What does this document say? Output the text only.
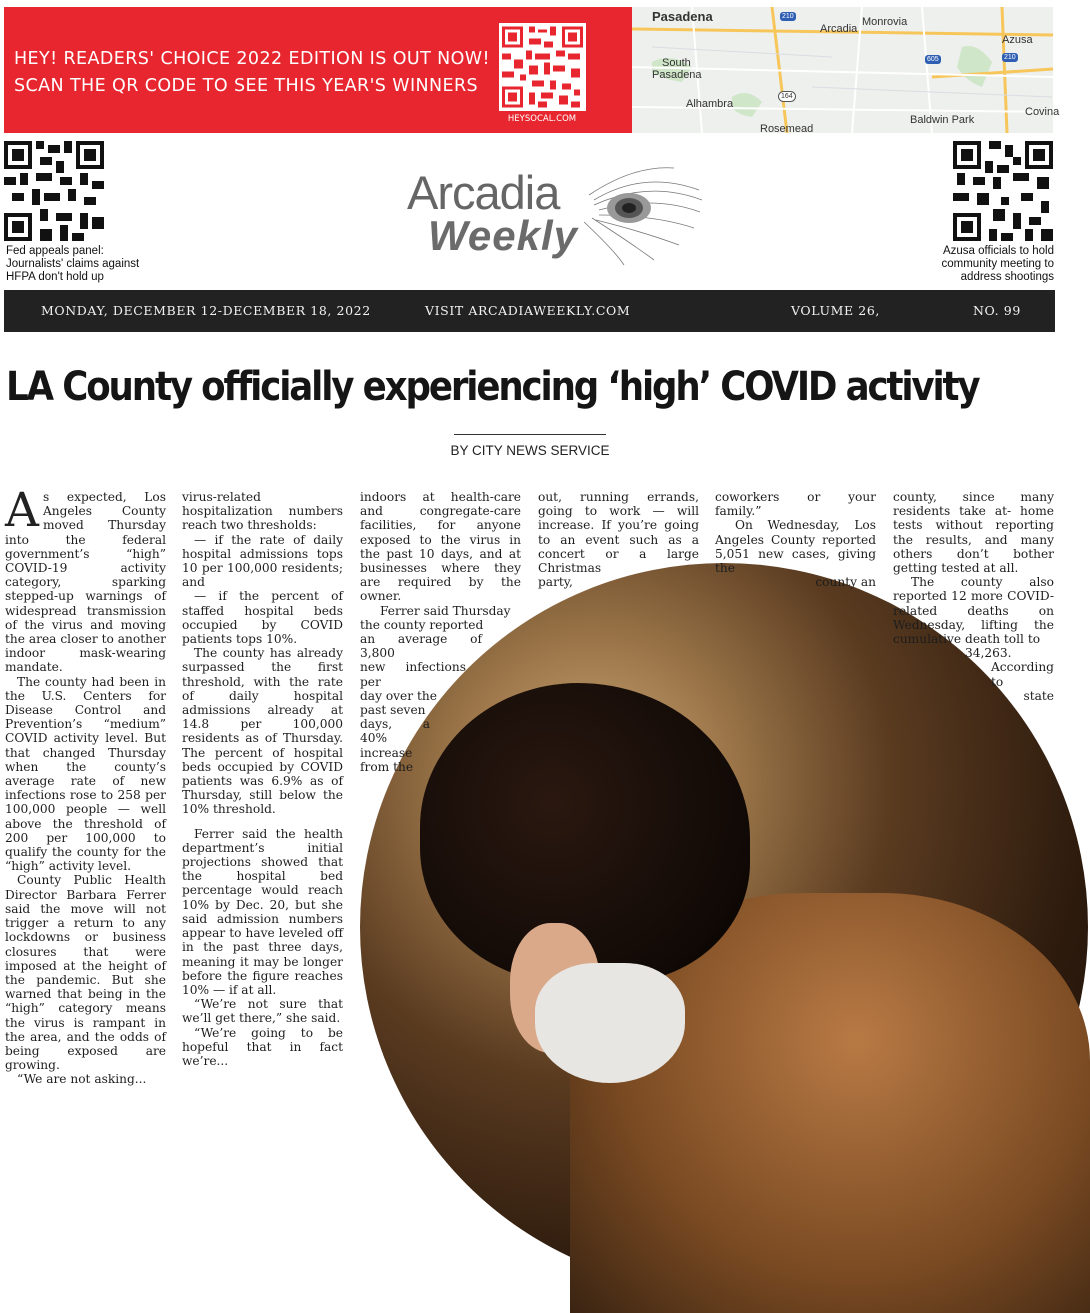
HEY! READERS' CHOICE 2022 EDITION IS OUT NOW!
SCAN THE QR CODE TO SEE THIS YEAR'S WINNERS
HEYSOCAL.COM
Pasadena	Monrovia
Arcadia
Azusa
South
Pasadena
Alhambra
Rosemead
Baldwin Park
Covina
210
605	210
164
Fed appeals panel: Journalists' claims against HFPA don't hold up
Arcadia
Weekly	Azusa officials to hold community meeting to address shootings
MONDAY, DECEMBER 12-DECEMBER 18, 2022	VISIT ARCADIAWEEKLY.COM	VOLUME 26,	NO. 99
LA County officially experiencing ‘high’ COVID activity
BY CITY NEWS SERVICE

As expected, Los Angeles County moved Thursday into the federal government’s “high” COVID-19 activity category, sparking stepped-up warnings of widespread transmission of the virus and moving the area closer to another indoor mask-wearing mandate.

The county had been in the U.S. Centers for Disease Control and Prevention’s “medium” COVID activity level. But that changed Thursday when the county’s average rate of new infections rose to 258 per 100,000 people — well above the threshold of 200 per 100,000 to qualify the county for the “high” activity level.

County Public Health Director Barbara Ferrer said the move will not trigger a return to any lockdowns or business closures that were imposed at the height of the pandemic. But she warned that being in the “high” category means the virus is rampant in the area, and the odds of being exposed are growing.

“We are not asking...

virus-related hospitalization numbers reach two thresholds:

— if the rate of daily hospital admissions tops 10 per 100,000 residents; and

— if the percent of staffed hospital beds occupied by COVID patients tops 10%.

The county has already surpassed the first threshold, with the rate of daily hospital admissions already at 14.8 per 100,000 residents as of Thursday. The percent of hospital beds occupied by COVID patients was 6.9% as of Thursday, still below the 10% threshold.

Ferrer said the health department’s initial projections showed that the hospital bed percentage would reach 10% by Dec. 20, but she said admission numbers appear to have leveled off in the past three days, meaning it may be longer before the figure reaches 10% — if at all.

“We’re not sure that we’ll get there,” she said.

“We’re going to be hopeful that in fact we’re...

indoors at health-care and congregate-care facilities, for anyone exposed to the virus in the past 10 days, and at businesses where they are required by the owner.

Ferrer said Thursday

the county reported

an average of 3,800

new infections per

day over the

past seven

days, a 40%

increase

from the

out, running errands, going to work — will increase. If you’re going to an event such as a concert or a large Christmas

party,

coworkers or your family.”

On Wednesday, Los Angeles County reported 5,051 new cases, giving the

county an

county, since many residents take at- home tests without reporting the results, and many others don’t bother getting tested at all.

The county also reported 12 more COVID-related deaths on Wednesday, lifting the cumulative death toll to

34,263.

According to

state
